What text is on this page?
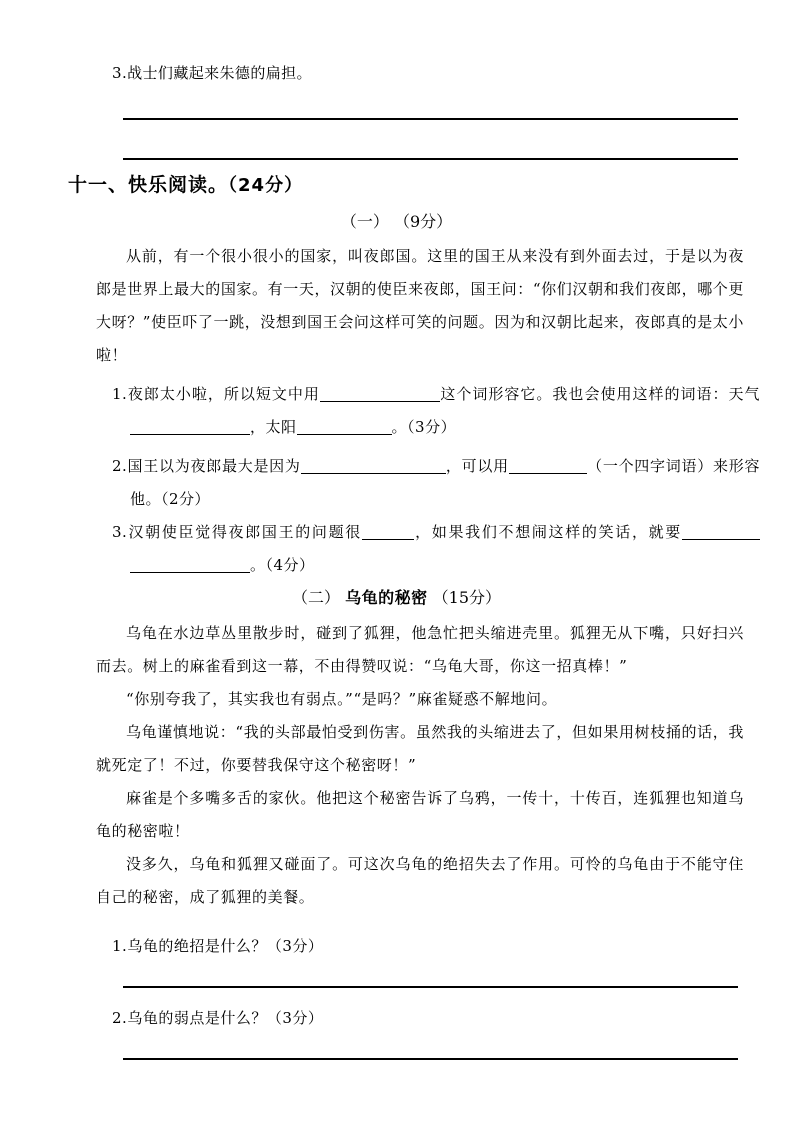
3.战士们藏起来朱德的扁担。
十一、快乐阅读。（24分）
（一） （9分）
从前，有一个很小很小的国家，叫夜郎国。这里的国王从来没有到外面去过，于是以为夜郎是世界上最大的国家。有一天，汉朝的使臣来夜郎，国王问：“你们汉朝和我们夜郎，哪个更大呀？”使臣吓了一跳，没想到国王会问这样可笑的问题。因为和汉朝比起来，夜郎真的是太小啦！
1.夜郎太小啦，所以短文中用	这个词形容它。我也会使用这样的词语：天气，太阳	。（3分）
2.国王以为夜郎最大是因为	，可以用	（一个四字词语）来形容他。（2分）
3.汉朝使臣觉得夜郎国王的问题很	，如果我们不想闹这样的笑话，就要。（4分）
（二） 乌龟的秘密 （15分）
乌龟在水边草丛里散步时，碰到了狐狸，他急忙把头缩进壳里。狐狸无从下嘴，只好扫兴而去。树上的麻雀看到这一幕，不由得赞叹说：“乌龟大哥，你这一招真棒！”
“你别夸我了，其实我也有弱点。”“是吗？”麻雀疑惑不解地问。
乌龟谨慎地说：“我的头部最怕受到伤害。虽然我的头缩进去了，但如果用树枝捅的话，我就死定了！不过，你要替我保守这个秘密呀！”
麻雀是个多嘴多舌的家伙。他把这个秘密告诉了乌鸦，一传十，十传百，连狐狸也知道乌龟的秘密啦！
没多久，乌龟和狐狸又碰面了。可这次乌龟的绝招失去了作用。可怜的乌龟由于不能守住自己的秘密，成了狐狸的美餐。
1.乌龟的绝招是什么？（3分）
2.乌龟的弱点是什么？（3分）
